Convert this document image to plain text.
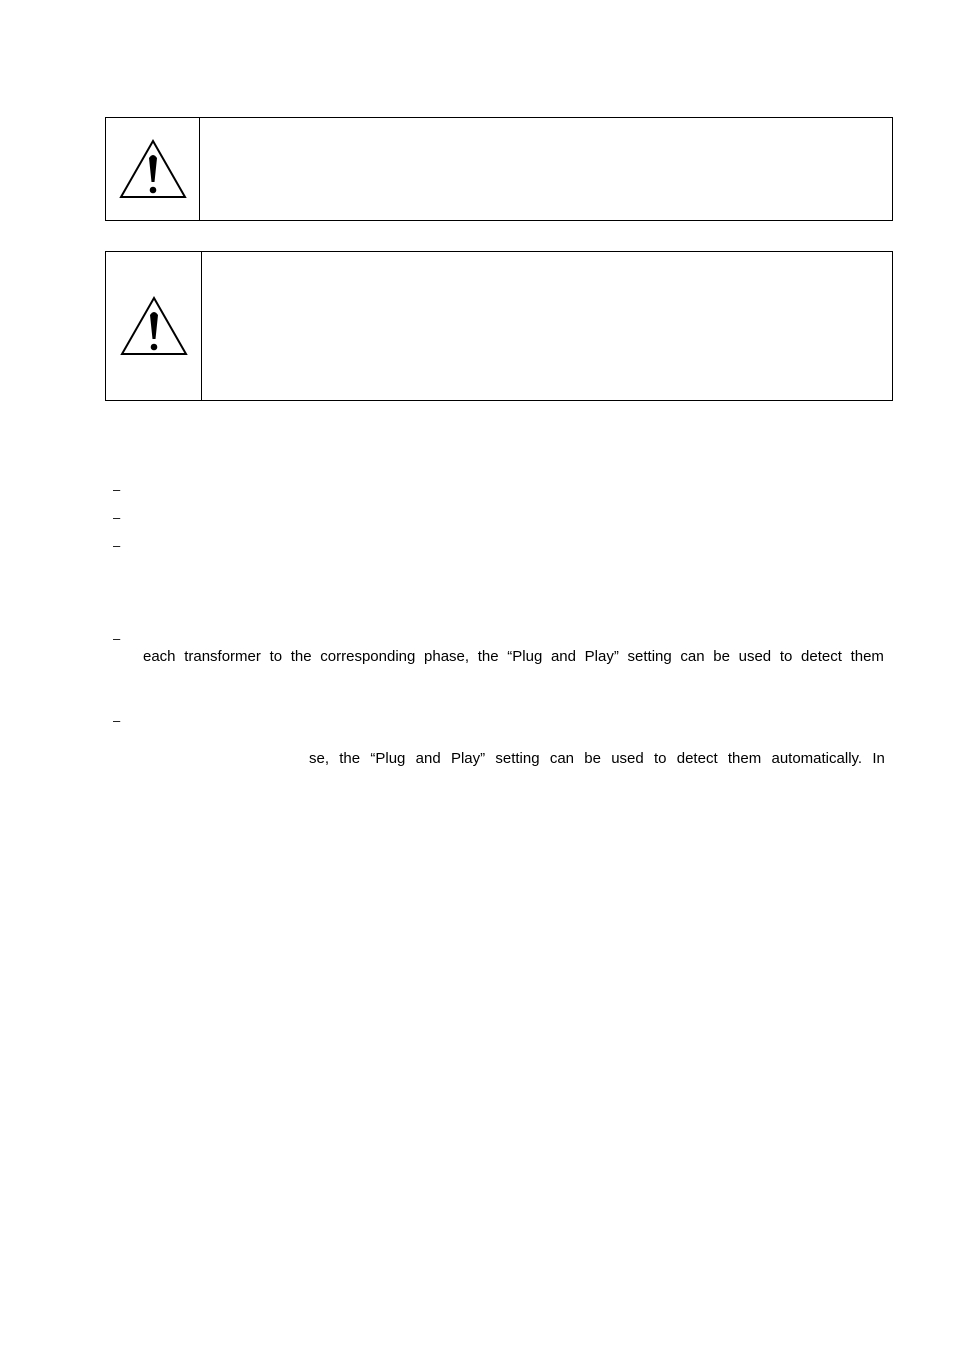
–
–
–
–
–
each transformer to the corresponding phase, the “Plug and Play” setting can be used to detect them
se, the “Plug and Play” setting can be used to detect them automatically. In
